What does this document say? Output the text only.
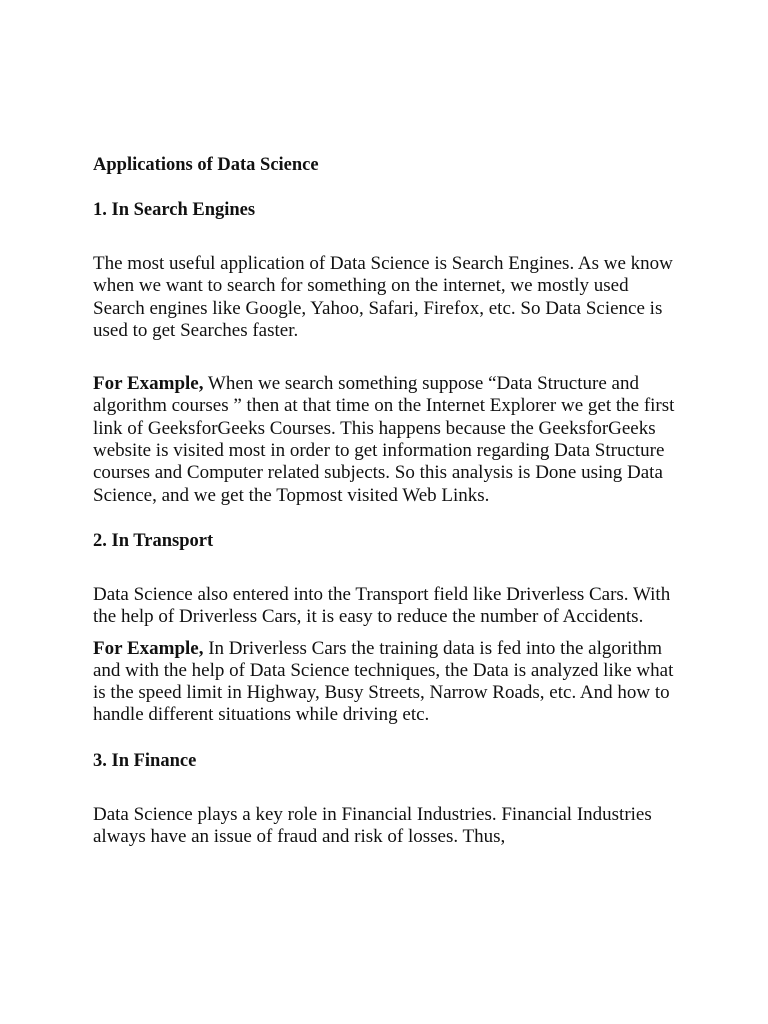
Applications of Data Science
1. In Search Engines

The most useful application of Data Science is Search Engines. As we know when we want to search for something on the internet, we mostly used Search engines like Google, Yahoo, Safari, Firefox, etc. So Data Science is used to get Searches faster.

For Example, When we search something suppose “Data Structure and algorithm courses ” then at that time on the Internet Explorer we get the first link of GeeksforGeeks Courses. This happens because the GeeksforGeeks website is visited most in order to get information regarding Data Structure courses and Computer related subjects. So this analysis is Done using Data Science, and we get the Topmost visited Web Links.

2. In Transport

Data Science also entered into the Transport field like Driverless Cars. With the help of Driverless Cars, it is easy to reduce the number of Accidents.

For Example, In Driverless Cars the training data is fed into the algorithm and with the help of Data Science techniques, the Data is analyzed like what is the speed limit in Highway, Busy Streets, Narrow Roads, etc. And how to handle different situations while driving etc.

3. In Finance

Data Science plays a key role in Financial Industries. Financial Industries always have an issue of fraud and risk of losses. Thus,
